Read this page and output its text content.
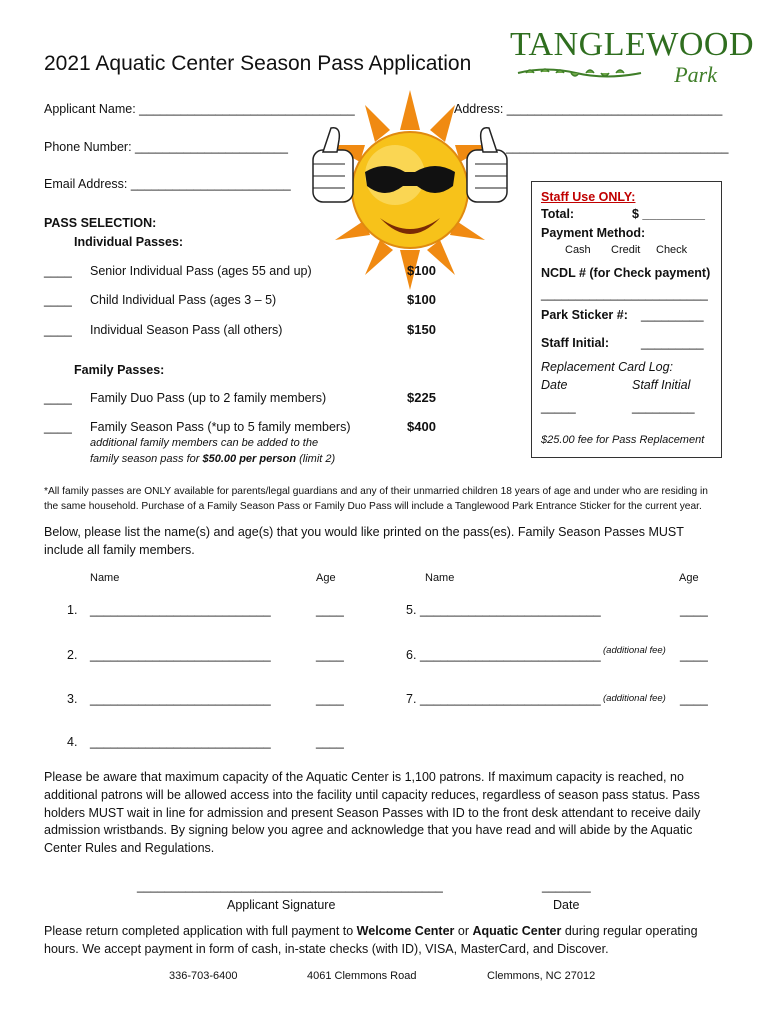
2021 Aquatic Center Season Pass Application
TANGLEWOOD
Park
Applicant Name: _______________________________	Address: _______________________________
Phone Number: ______________________	________________________________
Email Address: _______________________
PASS SELECTION:
Individual Passes:
____ Senior Individual Pass (ages 55 and up)	$100
____ Child Individual Pass (ages 3 – 5)	$100
____ Individual Season Pass (all others)	$150
Family Passes:
____ Family Duo Pass (up to 2 family members)	$225
____ Family Season Pass (*up to 5 family members)	$400
additional family members can be added to the
family season pass for $50.00 per person (limit 2)
Staff Use ONLY:
Total:	$ _________
Payment Method:
Cash Credit Check
NCDL # (for Check payment)
________________________
Park Sticker #: _________
Staff Initial:	_________
Replacement Card Log:
Date	Staff Initial
_____	_________
$25.00 fee for Pass Replacement
*All family passes are ONLY available for parents/legal guardians and any of their unmarried children 18 years of age and under who are residing in
the same household. Purchase of a Family Season Pass or Family Duo Pass will include a Tanglewood Park Entrance Sticker for the current year.
Below, please list the name(s) and age(s) that you would like printed on the pass(es). Family Season Passes MUST
include all family members.
Name	Age	Name	Age
1. __________________________	____
2. __________________________	____
3. __________________________	____
4. __________________________	____
5. __________________________	____
6. __________________________ (additional fee) ____
7. __________________________ (additional fee) ____
Please be aware that maximum capacity of the Aquatic Center is 1,100 patrons. If maximum capacity is reached, no
additional patrons will be allowed access into the facility until capacity reduces, regardless of season pass status. Pass
holders MUST wait in line for admission and present Season Passes with ID to the front desk attendant to receive daily
admission wristbands. By signing below you agree and acknowledge that you have read and will abide by the Aquatic
Center Rules and Regulations.
____________________________________________
Applicant Signature
_______
Date
Please return completed application with full payment to Welcome Center or Aquatic Center during regular operating
hours. We accept payment in form of cash, in-state checks (with ID), VISA, MasterCard, and Discover.
336-703-6400	4061 Clemmons Road	Clemmons, NC 27012
